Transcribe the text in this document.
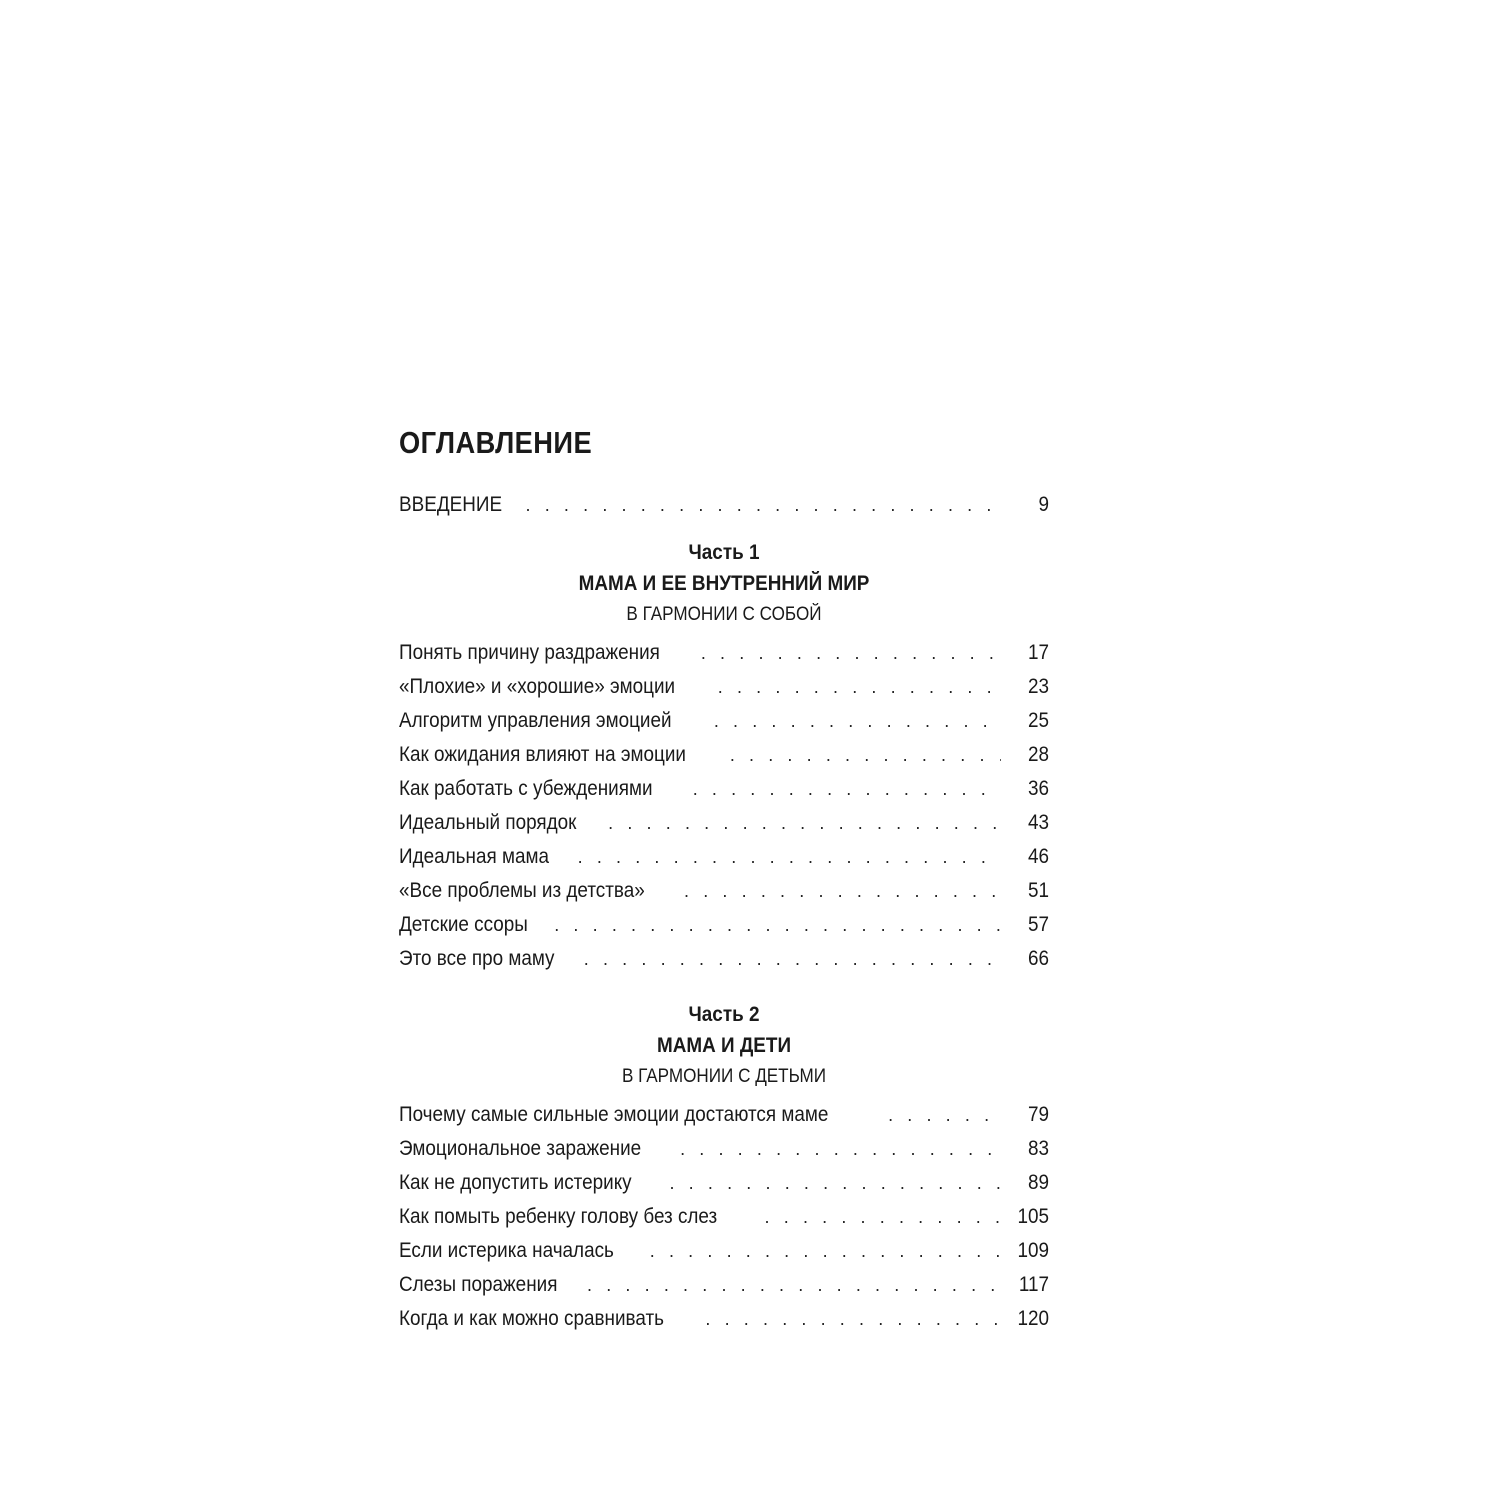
ОГЛАВЛЕНИЕ
ВВЕДЕНИЕ . . .	9
Часть 1
МАМА И ЕЕ ВНУТРЕННИЙ МИР
В ГАРМОНИИ С СОБОЙ
Понять причину раздражения . . .	17
«Плохие» и «хорошие» эмоции . . .	23
Алгоритм управления эмоцией . . .	25
Как ожидания влияют на эмоции . . .	28
Как работать с убеждениями . . .	36
Идеальный порядок . . .	43
Идеальная мама . . .	46
«Все проблемы из детства» . . .	51
Детские ссоры . . .	57
Это все про маму . . .	66
Часть 2
МАМА И ДЕТИ
В ГАРМОНИИ С ДЕТЬМИ
Почему самые сильные эмоции достаются маме . . .	79
Эмоциональное заражение . . .	83
Как не допустить истерику . . .	89
Как помыть ребенку голову без слез . . .	105
Если истерика началась . . .	109
Слезы поражения . . .	117
Когда и как можно сравнивать . . .	120
